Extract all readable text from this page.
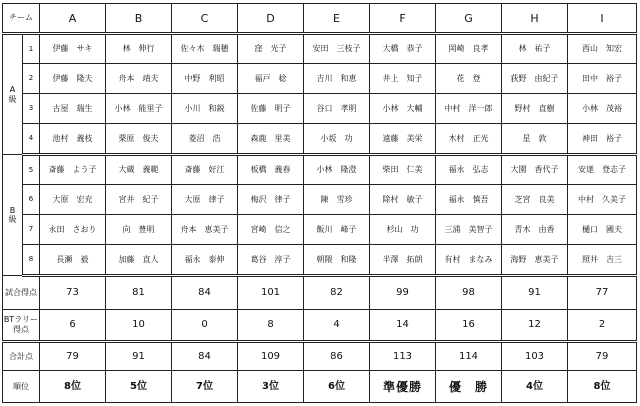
チーム		A	B	C	D	E	F	G	H	I

A
級	1	伊藤　サキ	林　伸行	佐々木　瑞穂	窪　光子	安田　三枝子	大橋　恭子	岡崎　良孝	林　祐子	西山　知宏
	2	伊藤　隆夫	舟本　靖夫	中野　利昭	福戸　稔	吉川　和恵	井上　知子	花　登	荻野　由紀子	田中　裕子
	3	古屋　瑞生	小林　能里子	小川　和鋭	佐藤　明子	谷口　孝明	小林　大輔	中村　洋一郎	野村　直樹	小林　茂裕
	4	池村　義枝	栗原　俊夫	菱沼　浩	森鹿　里美	小坂　功	遠藤　美栄	木村　正光	星　敦	神田　裕子

B
級	5	斎藤　よう子	大蔵　義範	斎藤　好江	板橋　義春	小林　隆澄	柴田　仁美	福永　弘志	大園　香代子	安達　登志子
	6	大原　宏充	宮井　紀子	大原　律子	梅沢　律子	陳　雪珍	除村　敏子	福永　慎吾	芝宮　良美	中村　久美子
	7	永田　さおり	向　豊明	舟本　恵美子	宮崎　信之	飯川　峰子	杉山　功	三浦　美智子	青木　由香	樋口　國夫
	8	長瀬　毅	加藤　直人	福永　泰伸	葛谷　淳子	朝隈　和隆	半澤　拓朗	有村　まなみ	海野　恵美子	照井　吉三
試合得点		73	81	84	101	82	99	98	91	77

BTラリー
得点		6	10	0	8	4	14	16	12	2
合計点		79	91	84	109	86	113	114	103	79
順位		8位	5位	7位	3位	6位	準優勝	優　勝	4位	8位
